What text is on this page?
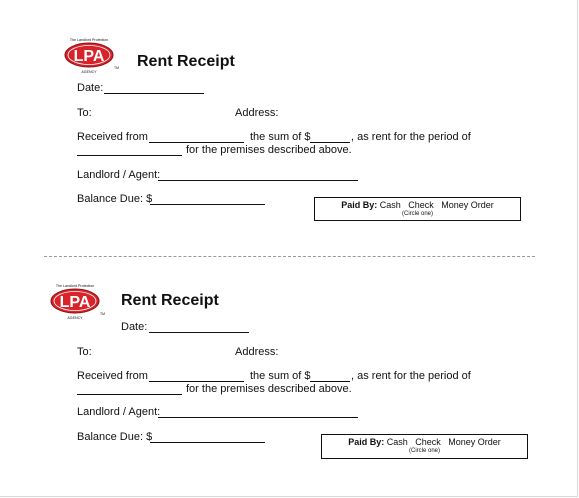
The Landlord Protection
LPA
AGENCY
TM Rent Receipt
Date:
To:	Address:
Received from	the sum of $	, as rent for the period of
for the premises described above.
Landlord / Agent:
Balance Due: $	Paid By: Cash   Check   Money Order
(Circle one)
The Landlord Protection
LPA
AGENCY
TM
Rent Receipt
Date:
To:	Address:
Received from	the sum of $	, as rent for the period of
for the premises described above.
Landlord / Agent:
Balance Due: $	Paid By: Cash   Check   Money Order
(Circle one)
